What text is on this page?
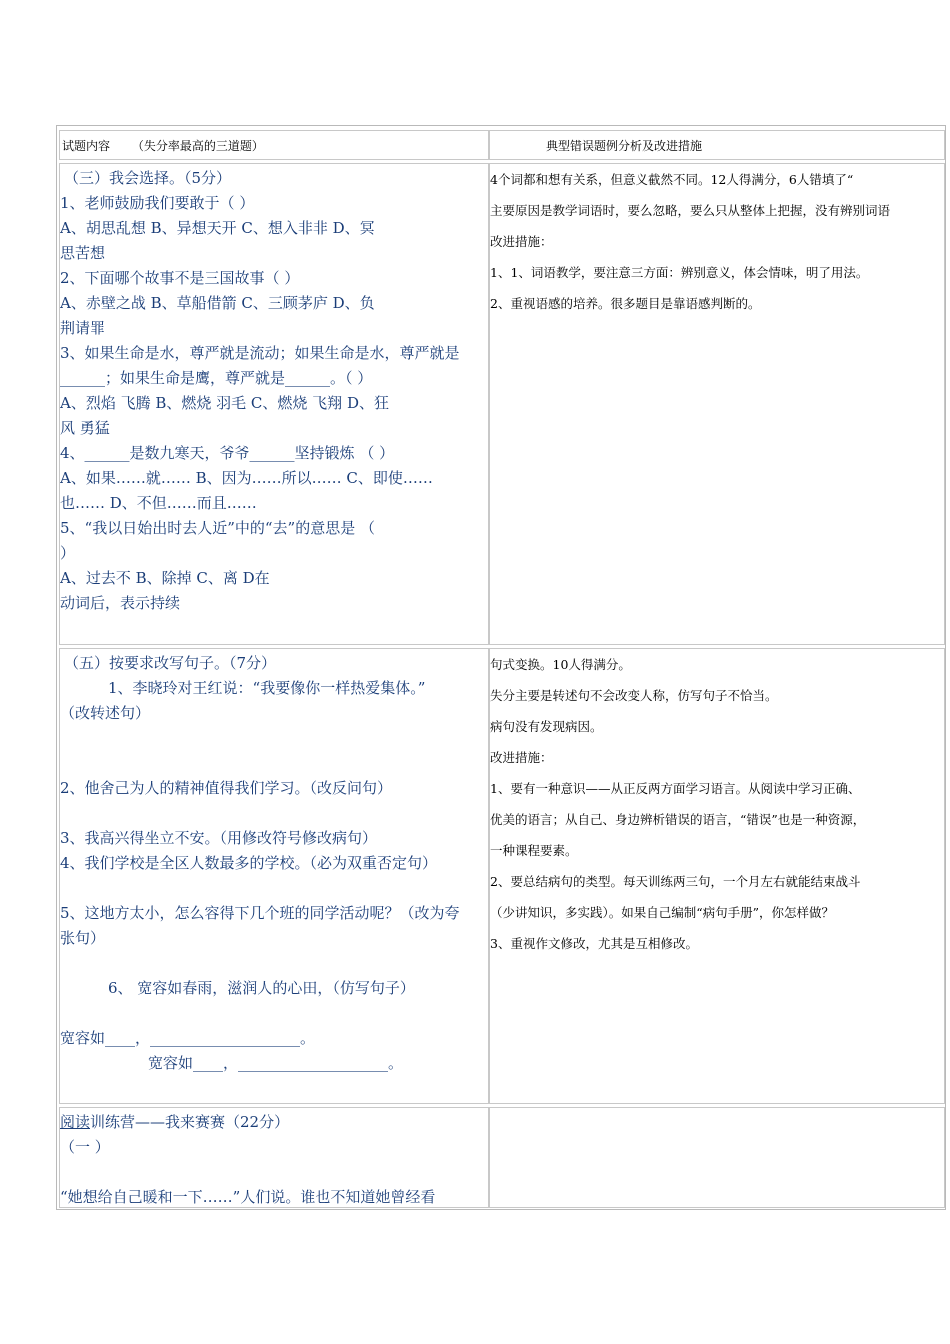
试题内容 （失分率最高的三道题）	典型错误题例分析及改进措施
（三）我会选择。（5分）
1、老师鼓励我们要敢于（ ）
A、胡思乱想 B、异想天开 C、想入非非 D、冥
思苦想
2、下面哪个故事不是三国故事（ ）
A、赤壁之战 B、草船借箭 C、三顾茅庐 D、负
荆请罪
3、如果生命是水，尊严就是流动；如果生命是水，尊严就是
______；如果生命是鹰，尊严就是______。（ ）
A、烈焰 飞腾 B、燃烧 羽毛 C、燃烧 飞翔 D、狂
风 勇猛
4、______是数九寒天，爷爷______坚持锻炼 （ ）
A、如果……就…… B、因为……所以…… C、即使……
也…… D、不但……而且……
5、“我以日始出时去人近”中的“去”的意思是 （
）
A、过去不 B、除掉 C、离 D在
动词后，表示持续
4个词都和想有关系，但意义截然不同。12人得满分，6人错填了“
主要原因是教学词语时，要么忽略，要么只从整体上把握，没有辨别词语
改进措施：
1、1、词语教学，要注意三方面：辨别意义，体会情味，明了用法。
2、重视语感的培养。很多题目是靠语感判断的。
（五）按要求改写句子。（7分）
1、李晓玲对王红说：“我要像你一样热爱集体。”
（改转述句）
2、他舍己为人的精神值得我们学习。（改反问句）
3、我高兴得坐立不安。（用修改符号修改病句）
4、我们学校是全区人数最多的学校。（必为双重否定句）
5、这地方太小，怎么容得下几个班的同学活动呢？（改为夸
张句）
6、 宽容如春雨，滋润人的心田，（仿写句子）
宽容如____，____________________。
宽容如____，____________________。
句式变换。10人得满分。
失分主要是转述句不会改变人称，仿写句子不恰当。
病句没有发现病因。
改进措施：
1、要有一种意识——从正反两方面学习语言。从阅读中学习正确、
优美的语言；从自己、身边辨析错误的语言，“错误”也是一种资源，
一种课程要素。
2、要总结病句的类型。每天训练两三句，一个月左右就能结束战斗
（少讲知识，多实践）。如果自己编制“病句手册”，你怎样做？
3、重视作文修改，尤其是互相修改。
阅读训练营——我来赛赛（22分）
（一 ）
“她想给自己暖和一下……”人们说。谁也不知道她曾经看
